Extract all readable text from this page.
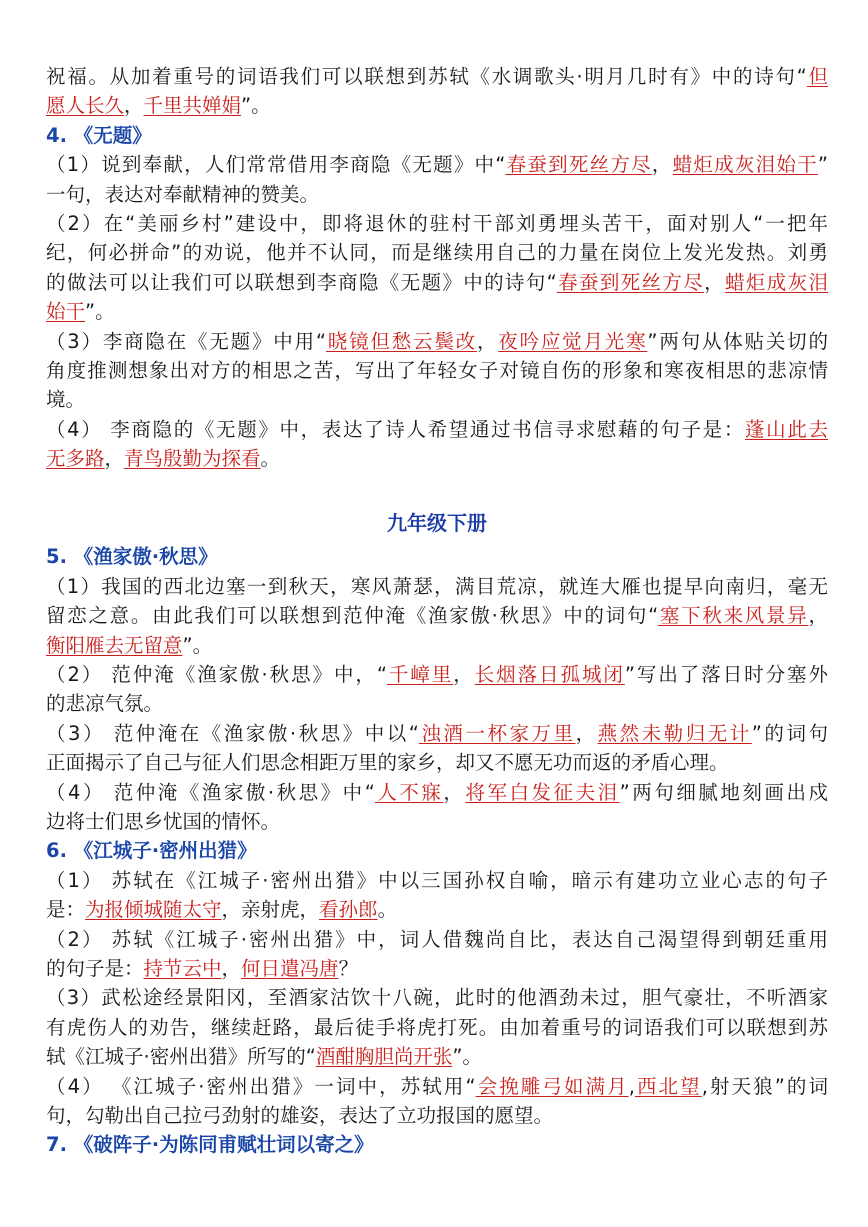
祝福。从加着重号的词语我们可以联想到苏轼《水调歌头·明月几时有》中的诗句“但
愿人长久，千里共婵娟”。
4. 《无题》
（1）说到奉献，人们常常借用李商隐《无题》中“春蚕到死丝方尽，蜡炬成灰泪始干”
一句，表达对奉献精神的赞美。
（2）在“美丽乡村”建设中，即将退休的驻村干部刘勇埋头苦干，面对别人“一把年
纪，何必拼命”的劝说，他并不认同，而是继续用自己的力量在岗位上发光发热。刘勇
的做法可以让我们可以联想到李商隐《无题》中的诗句“春蚕到死丝方尽，蜡炬成灰泪
始干”。
（3）李商隐在《无题》中用“晓镜但愁云鬓改，夜吟应觉月光寒”两句从体贴关切的
角度推测想象出对方的相思之苦，写出了年轻女子对镜自伤的形象和寒夜相思的悲凉情
境。
（4） 李商隐的《无题》中，表达了诗人希望通过书信寻求慰藉的句子是：蓬山此去
无多路，青鸟殷勤为探看。
九年级下册
5. 《渔家傲·秋思》
（1）我国的西北边塞一到秋天，寒风萧瑟，满目荒凉，就连大雁也提早向南归，毫无
留恋之意。由此我们可以联想到范仲淹《渔家傲·秋思》中的词句“塞下秋来风景异，
衡阳雁去无留意”。
（2） 范仲淹《渔家傲·秋思》中，“千嶂里，长烟落日孤城闭”写出了落日时分塞外
的悲凉气氛。
（3） 范仲淹在《渔家傲·秋思》中以“浊酒一杯家万里，燕然未勒归无计”的词句
正面揭示了自己与征人们思念相距万里的家乡，却又不愿无功而返的矛盾心理。
（4） 范仲淹《渔家傲·秋思》中“人不寐，将军白发征夫泪”两句细腻地刻画出戍
边将士们思乡忧国的情怀。
6. 《江城子·密州出猎》
（1） 苏轼在《江城子·密州出猎》中以三国孙权自喻，暗示有建功立业心志的句子
是：为报倾城随太守，亲射虎，看孙郎。
（2） 苏轼《江城子·密州出猎》中，词人借魏尚自比，表达自己渴望得到朝廷重用
的句子是：持节云中，何日遣冯唐？
（3）武松途经景阳冈，至酒家沽饮十八碗，此时的他酒劲未过，胆气豪壮，不听酒家
有虎伤人的劝告，继续赶路，最后徒手将虎打死。由加着重号的词语我们可以联想到苏
轼《江城子·密州出猎》所写的“酒酣胸胆尚开张”。
（4） 《江城子·密州出猎》一词中，苏轼用“会挽雕弓如满月,西北望,射天狼”的词
句，勾勒出自己拉弓劲射的雄姿，表达了立功报国的愿望。
7. 《破阵子·为陈同甫赋壮词以寄之》
